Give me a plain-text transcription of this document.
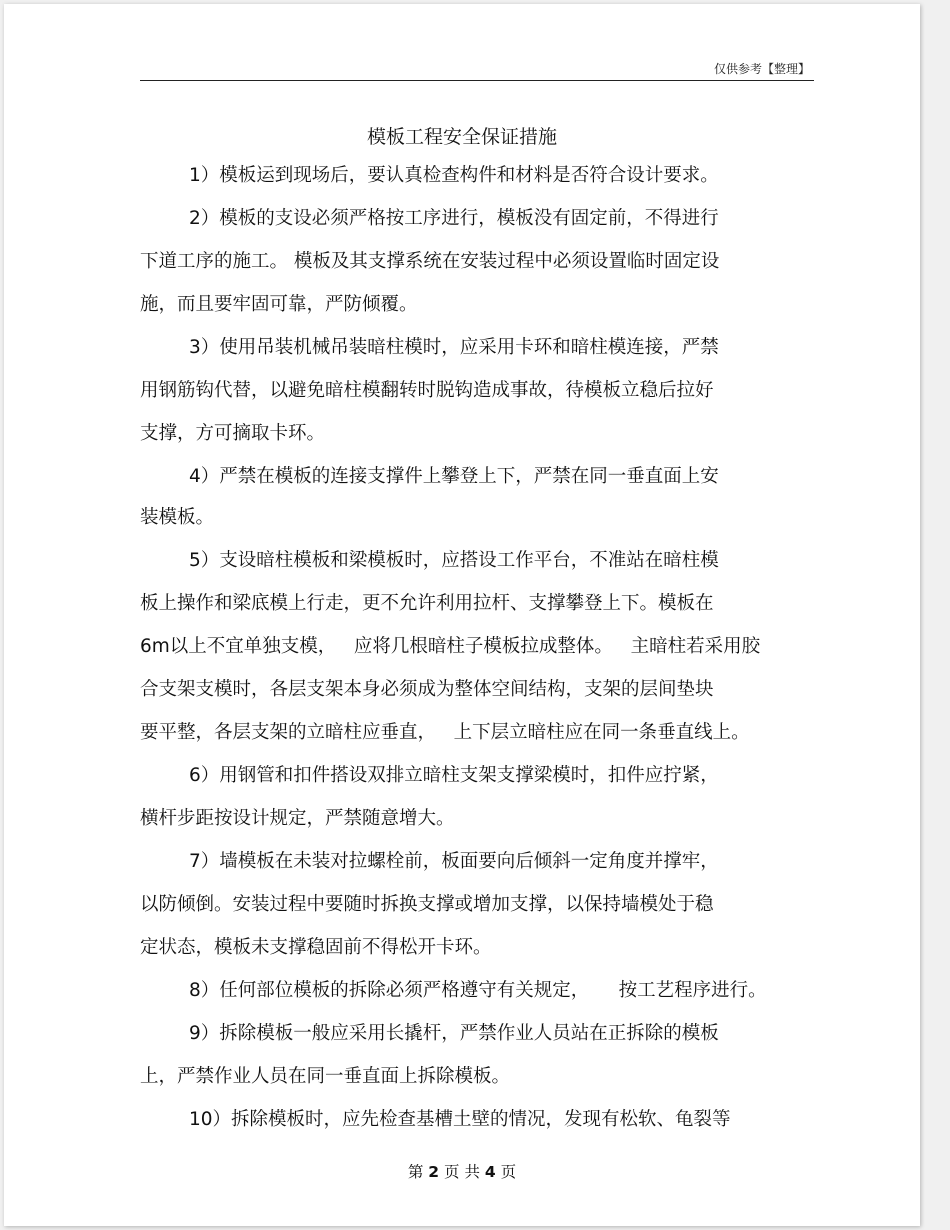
仅供参考【整理】
模板工程安全保证措施
1）模板运到现场后，要认真检查构件和材料是否符合设计要求。
2）模板的支设必须严格按工序进行，模板没有固定前，不得进行
下道工序的施工。 模板及其支撑系统在安装过程中必须设置临时固定设
施，而且要牢固可靠，严防倾覆。
3）使用吊装机械吊装暗柱模时，应采用卡环和暗柱模连接，严禁
用钢筋钩代替，以避免暗柱模翻转时脱钩造成事故，待模板立稳后拉好
支撑，方可摘取卡环。
4）严禁在模板的连接支撑件上攀登上下，严禁在同一垂直面上安
装模板。
5）支设暗柱模板和梁模板时，应搭设工作平台，不准站在暗柱模
板上操作和梁底模上行走，更不允许利用拉杆、支撑攀登上下。模板在
6m以上不宜单独支模，   应将几根暗柱子模板拉成整体。   主暗柱若采用胶
合支架支模时，各层支架本身必须成为整体空间结构，支架的层间垫块
要平整，各层支架的立暗柱应垂直，   上下层立暗柱应在同一条垂直线上。
6）用钢管和扣件搭设双排立暗柱支架支撑梁模时，扣件应拧紧，
横杆步距按设计规定，严禁随意增大。
7）墙模板在未装对拉螺栓前，板面要向后倾斜一定角度并撑牢，
以防倾倒。安装过程中要随时拆换支撑或增加支撑，以保持墙模处于稳
定状态，模板未支撑稳固前不得松开卡环。
8）任何部位模板的拆除必须严格遵守有关规定，     按工艺程序进行。
9）拆除模板一般应采用长撬杆，严禁作业人员站在正拆除的模板
上，严禁作业人员在同一垂直面上拆除模板。
10）拆除模板时，应先检查基槽土壁的情况，发现有松软、龟裂等
第 2 页 共 4 页
